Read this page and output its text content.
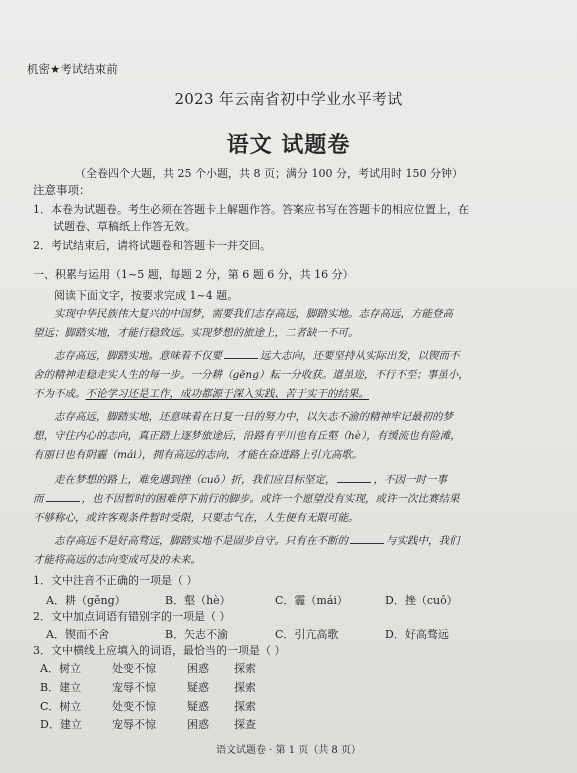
机密★考试结束前
2023 年云南省初中学业水平考试
语文 试题卷
（全卷四个大题，共 25 个小题，共 8 页；满分 100 分，考试用时 150 分钟）
注意事项：
1．本卷为试题卷。考生必须在答题卡上解题作答。答案应书写在答题卡的相应位置上，在
试题卷、草稿纸上作答无效。
2．考试结束后，请将试题卷和答题卡一并交回。
一、积累与运用（1~5 题，每题 2 分，第 6 题 6 分，共 16 分）
阅读下面文字，按要求完成 1~4 题。
实现中华民族伟大复兴的中国梦，需要我们志存高远，脚踏实地。志存高远，方能登高
望远；脚踏实地，才能行稳致远。实现梦想的旅途上，二者缺一不可。
志存高远，脚踏实地。意味着不仅要	远大志向，还要坚持从实际出发，以锲而不
舍的精神走稳走实人生的每一步。一分耕（gēng）耘一分收获。道虽迩，不行不至；事虽小，
不为不成。不论学习还是工作，成功都源于深入实践、苦于实干的结果。
志存高远，脚踏实地，还意味着在日复一日的努力中，以矢志不渝的精神牢记最初的梦
想，守住内心的志向，真正踏上逐梦旅途后，沿路有平川也有丘壑（hè），有缓流也有险滩，
有丽日也有阴霾（mái），拥有高远的志向，才能在奋进路上引亢高歌。
走在梦想的路上，难免遇到挫（cuō）折，我们应目标坚定，	，不因一时一事
而	，也不因暂时的困难停下前行的脚步。或许一个愿望没有实现，或许一次比赛结果
不够称心，或许客观条件暂时受限，只要志气在，人生便有无限可能。
志存高远不是好高骛远，脚踏实地不是固步自守。只有在不断的	与实践中，我们
才能将高远的志向变成可及的未来。
1．文中注音不正确的一项是（ ）
A．耕（gēng）	B．壑（hè）	C．霾（mái）	D．挫（cuō）
2．文中加点词语有错别字的一项是（ ）
A．锲而不舍	B．矢志不渝	C．引亢高歌	D．好高骛远
3．文中横线上应填入的词语，最恰当的一项是（ ）
A．树立	处变不惊	困惑 探索
B．建立	宠辱不惊	疑惑 探索
C．树立	处变不惊	疑惑 探索
D．建立	宠辱不惊	困惑 探查
语文试题卷 · 第 1 页（共 8 页）
